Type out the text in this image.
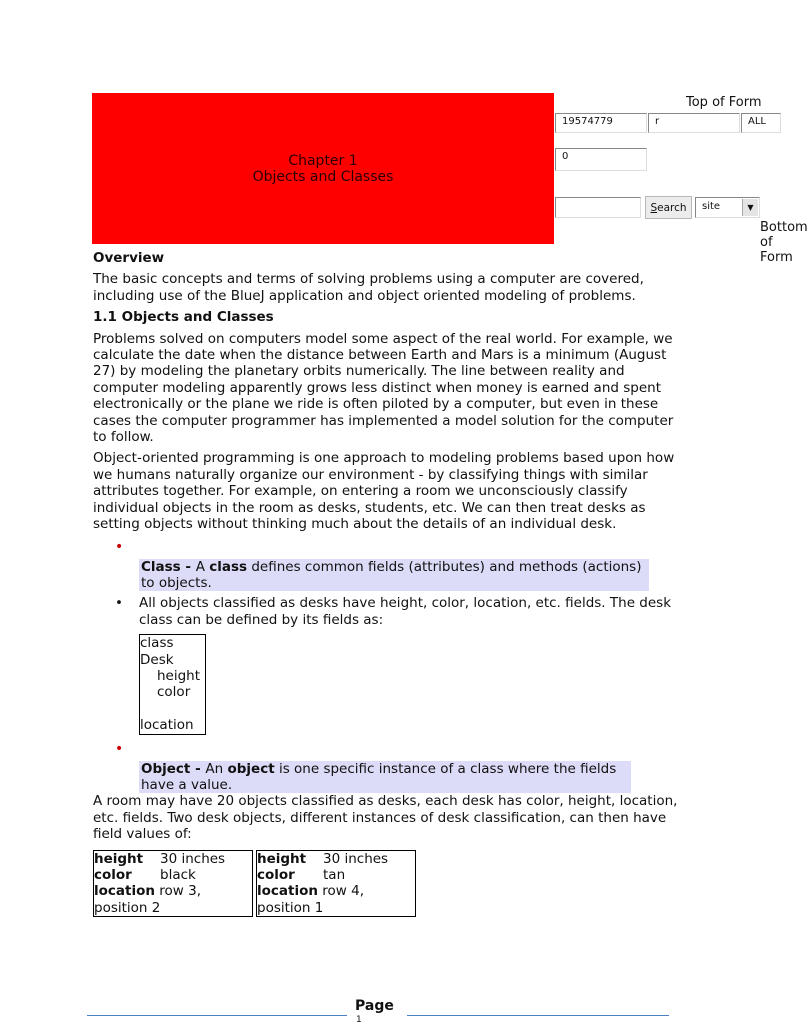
Chapter 1
Objects and Classes
Top of Form
19574779	r	ALL
0
S earch	site	▼
Bottom of Form
Overview
The basic concepts and terms of solving problems using a computer are covered, including use of the BlueJ application and object oriented modeling of problems.
1.1 Objects and Classes
Problems solved on computers model some aspect of the real world. For example, we calculate the date when the distance between Earth and Mars is a minimum (August 27) by modeling the planetary orbits numerically. The line between reality and computer modeling apparently grows less distinct when money is earned and spent electronically or the plane we ride is often piloted by a computer, but even in these cases the computer programmer has implemented a model solution for the computer to follow.
Object-oriented programming is one approach to modeling problems based upon how we humans naturally organize our environment - by classifying things with similar attributes together. For example, on entering a room we unconsciously classify individual objects in the room as desks, students, etc. We can then treat desks as setting objects without thinking much about the details of an individual desk.
•
Class - A class defines common fields (attributes) and methods (actions) to objects.
•	All objects classified as desks have height, color, location, etc. fields. The desk class can be defined by its fields as:
class
Desk
height
color
location
•
Object - An object is one specific instance of a class where the fields have a value.
A room may have 20 objects classified as desks, each desk has color, height, location, etc. fields. Two desk objects, different instances of desk classification, can then have field values of:
height 30 inches
color black
location row 3,
position 2
height 30 inches
color tan
location row 4,
position 1
Page
1
